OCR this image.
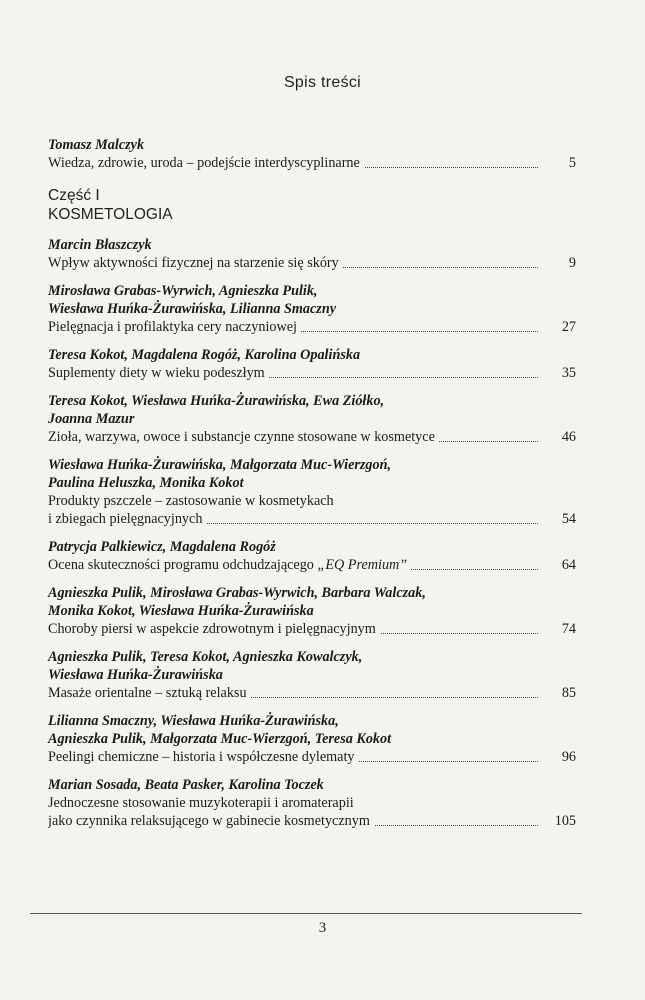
Spis treści
Tomasz Malczyk
Wiedza, zdrowie, uroda – podejście interdyscyplinarne	5
Część I
KOSMETOLOGIA
Marcin Błaszczyk
Wpływ aktywności fizycznej na starzenie się skóry	9
Mirosława Grabas-Wyrwich, Agnieszka Pulik,
Wiesława Huńka-Żurawińska, Lilianna Smaczny
Pielęgnacja i profilaktyka cery naczyniowej	27
Teresa Kokot, Magdalena Rogóż, Karolina Opalińska
Suplementy diety w wieku podeszłym	35
Teresa Kokot, Wiesława Huńka-Żurawińska, Ewa Ziółko,
Joanna Mazur
Zioła, warzywa, owoce i substancje czynne stosowane w kosmetyce	46
Wiesława Huńka-Żurawińska, Małgorzata Muc-Wierzgoń,
Paulina Heluszka, Monika Kokot
Produkty pszczele – zastosowanie w kosmetykach
i zbiegach pielęgnacyjnych	54
Patrycja Palkiewicz, Magdalena Rogóż
Ocena skuteczności programu odchudzającego „EQ Premium”	64
Agnieszka Pulik, Mirosława Grabas-Wyrwich, Barbara Walczak,
Monika Kokot, Wiesława Huńka-Żurawińska
Choroby piersi w aspekcie zdrowotnym i pielęgnacyjnym	74
Agnieszka Pulik, Teresa Kokot, Agnieszka Kowalczyk,
Wiesława Huńka-Żurawińska
Masaże orientalne – sztuką relaksu	85
Lilianna Smaczny, Wiesława Huńka-Żurawińska,
Agnieszka Pulik, Małgorzata Muc-Wierzgoń, Teresa Kokot
Peelingi chemiczne – historia i współczesne dylematy	96
Marian Sosada, Beata Pasker, Karolina Toczek
Jednoczesne stosowanie muzykoterapii i aromaterapii
jako czynnika relaksującego w gabinecie kosmetycznym	105
3
